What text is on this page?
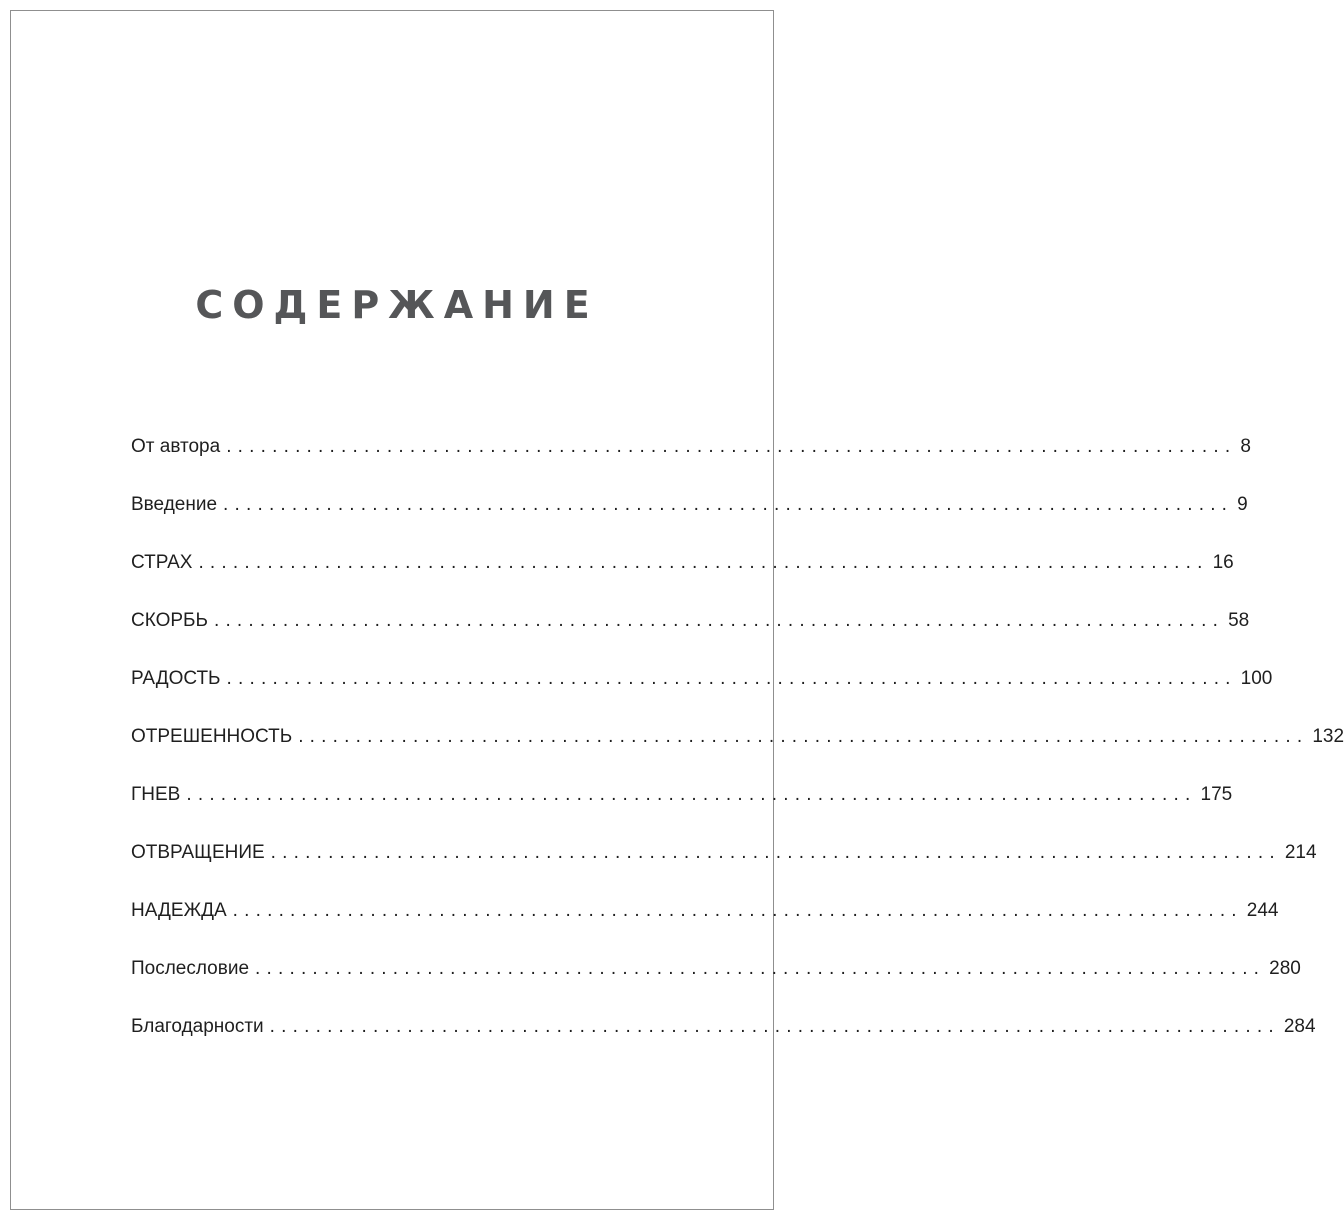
СОДЕРЖАНИЕ
От автора ........................................................................................ 8
Введение ........................................................................................ 9
СТРАХ ........................................................................................ 16
СКОРБЬ ........................................................................................ 58
РАДОСТЬ ........................................................................................ 100
ОТРЕШЕННОСТЬ ........................................................................................ 132
ГНЕВ ........................................................................................ 175
ОТВРАЩЕНИЕ ........................................................................................ 214
НАДЕЖДА ........................................................................................ 244
Послесловие ........................................................................................ 280
Благодарности ........................................................................................ 284
